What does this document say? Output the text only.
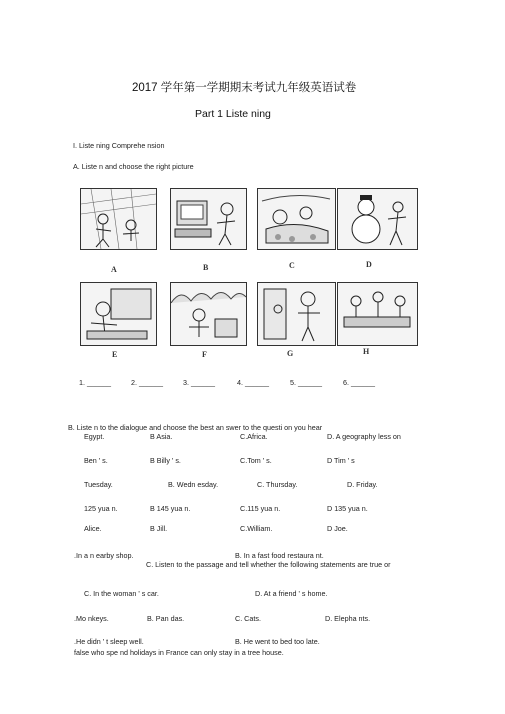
2017 学年第一学期期末考试九年级英语试卷
Part 1 Liste ning
I. Liste ning Comprehe nsion
A. Liste n and choose the right picture
A	B	C	D
E	F	G	H
1. ______	2. ______	3. ______	4. ______	5. ______	6. ______
B. Liste n to the dialogue and choose the best an swer to the questi on you hear
Egypt.	B Asia.	C.Africa.	D. A geography less on
Ben ' s.	B Billy ' s.	C.Tom ' s.	D Tim ' s
Tuesday.	B. Wedn esday.	C. Thursday.	D. Friday.
125 yua n.	B 145 yua n.	C.115 yua n.	D 135 yua n.
Alice.	B Jill.	C.William.	D Joe.
.In a n earby shop.	B. In a fast food restaura nt.
C. Listen to the passage and tell whether the following statements are true or
C. In the woman ' s car.	D. At a friend ' s home.
.Mo nkeys.	B. Pan das.	C. Cats.	D. Elepha nts.
.He didn ' t sleep well.	B. He went to bed too late.
false who spe nd holidays in France can only stay in a tree house.
